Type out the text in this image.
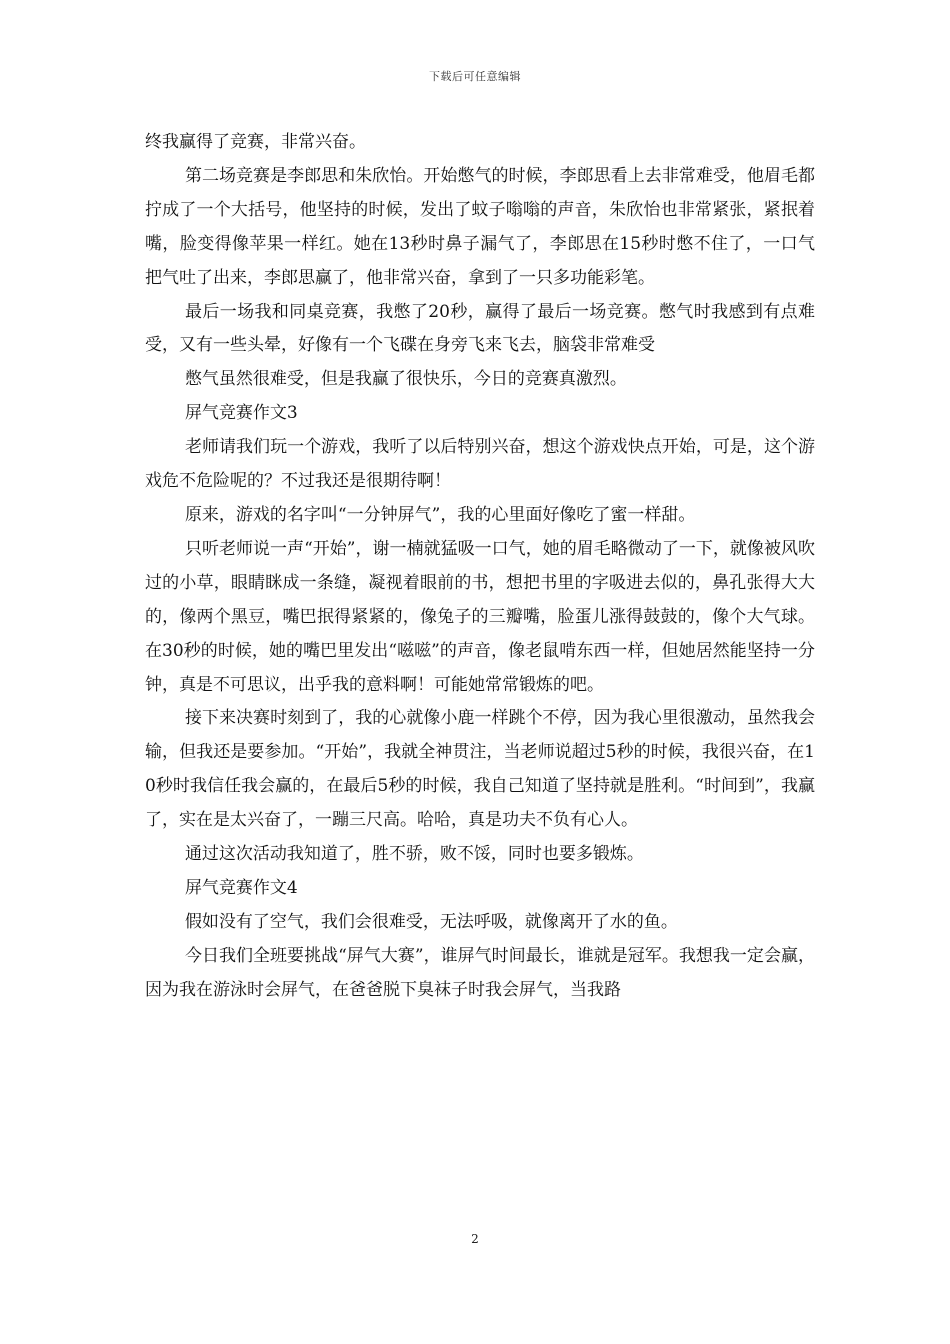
下载后可任意编辑

终我赢得了竞赛，非常兴奋。

第二场竞赛是李郎思和朱欣怡。开始憋气的时候，李郎思看上去非常难受，他眉毛都拧成了一个大括号，他坚持的时候，发出了蚊子嗡嗡的声音，朱欣怡也非常紧张，紧抿着嘴，脸变得像苹果一样红。她在13秒时鼻子漏气了，李郎思在15秒时憋不住了，一口气把气吐了出来，李郎思赢了，他非常兴奋，拿到了一只多功能彩笔。

最后一场我和同桌竞赛，我憋了20秒，赢得了最后一场竞赛。憋气时我感到有点难受，又有一些头晕，好像有一个飞碟在身旁飞来飞去，脑袋非常难受

憋气虽然很难受，但是我赢了很快乐，今日的竞赛真激烈。

屏气竞赛作文3

老师请我们玩一个游戏，我听了以后特别兴奋，想这个游戏快点开始，可是，这个游戏危不危险呢的？不过我还是很期待啊！

原来，游戏的名字叫“一分钟屏气”，我的心里面好像吃了蜜一样甜。

只听老师说一声“开始”，谢一楠就猛吸一口气，她的眉毛略微动了一下，就像被风吹过的小草，眼睛眯成一条缝，凝视着眼前的书，想把书里的字吸进去似的，鼻孔张得大大的，像两个黑豆，嘴巴抿得紧紧的，像兔子的三瓣嘴，脸蛋儿涨得鼓鼓的，像个大气球。在30秒的时候，她的嘴巴里发出“嗞嗞”的声音，像老鼠啃东西一样，但她居然能坚持一分钟，真是不可思议，出乎我的意料啊！可能她常常锻炼的吧。

接下来决赛时刻到了，我的心就像小鹿一样跳个不停，因为我心里很激动，虽然我会输，但我还是要参加。“开始”，我就全神贯注，当老师说超过5秒的时候，我很兴奋，在10秒时我信任我会赢的，在最后5秒的时候，我自己知道了坚持就是胜利。“时间到”，我赢了，实在是太兴奋了，一蹦三尺高。哈哈，真是功夫不负有心人。

通过这次活动我知道了，胜不骄，败不馁，同时也要多锻炼。

屏气竞赛作文4

假如没有了空气，我们会很难受，无法呼吸，就像离开了水的鱼。

今日我们全班要挑战“屏气大赛”，谁屏气时间最长，谁就是冠军。我想我一定会赢，因为我在游泳时会屏气，在爸爸脱下臭袜子时我会屏气，当我路

2
